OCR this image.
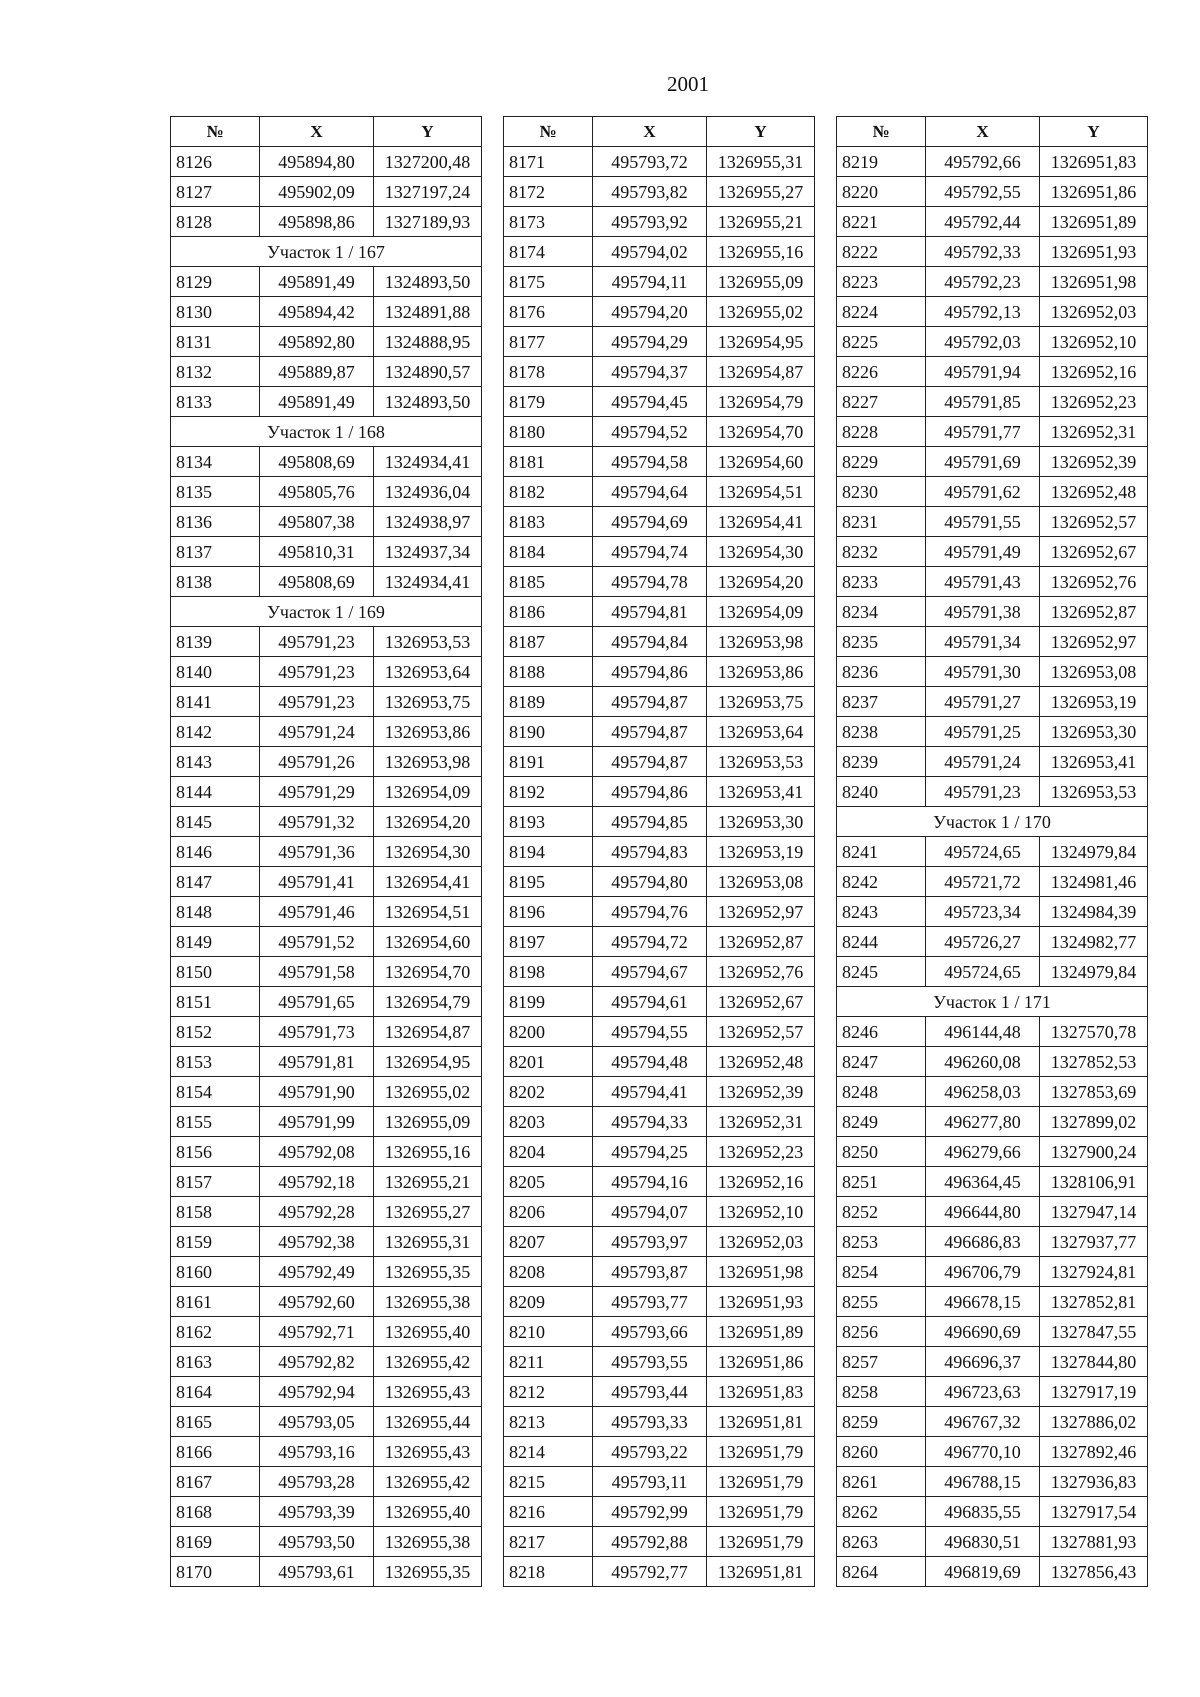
2001
№	X	Y
8126	495894,80	1327200,48
8127	495902,09	1327197,24
8128	495898,86	1327189,93
Участок 1 / 167		
8129	495891,49	1324893,50
8130	495894,42	1324891,88
8131	495892,80	1324888,95
8132	495889,87	1324890,57
8133	495891,49	1324893,50
Участок 1 / 168		
8134	495808,69	1324934,41
8135	495805,76	1324936,04
8136	495807,38	1324938,97
8137	495810,31	1324937,34
8138	495808,69	1324934,41
Участок 1 / 169		
8139	495791,23	1326953,53
8140	495791,23	1326953,64
8141	495791,23	1326953,75
8142	495791,24	1326953,86
8143	495791,26	1326953,98
8144	495791,29	1326954,09
8145	495791,32	1326954,20
8146	495791,36	1326954,30
8147	495791,41	1326954,41
8148	495791,46	1326954,51
8149	495791,52	1326954,60
8150	495791,58	1326954,70
8151	495791,65	1326954,79
8152	495791,73	1326954,87
8153	495791,81	1326954,95
8154	495791,90	1326955,02
8155	495791,99	1326955,09
8156	495792,08	1326955,16
8157	495792,18	1326955,21
8158	495792,28	1326955,27
8159	495792,38	1326955,31
8160	495792,49	1326955,35
8161	495792,60	1326955,38
8162	495792,71	1326955,40
8163	495792,82	1326955,42
8164	495792,94	1326955,43
8165	495793,05	1326955,44
8166	495793,16	1326955,43
8167	495793,28	1326955,42
8168	495793,39	1326955,40
8169	495793,50	1326955,38
8170	495793,61	1326955,35
№	X	Y
8171	495793,72	1326955,31
8172	495793,82	1326955,27
8173	495793,92	1326955,21
8174	495794,02	1326955,16
8175	495794,11	1326955,09
8176	495794,20	1326955,02
8177	495794,29	1326954,95
8178	495794,37	1326954,87
8179	495794,45	1326954,79
8180	495794,52	1326954,70
8181	495794,58	1326954,60
8182	495794,64	1326954,51
8183	495794,69	1326954,41
8184	495794,74	1326954,30
8185	495794,78	1326954,20
8186	495794,81	1326954,09
8187	495794,84	1326953,98
8188	495794,86	1326953,86
8189	495794,87	1326953,75
8190	495794,87	1326953,64
8191	495794,87	1326953,53
8192	495794,86	1326953,41
8193	495794,85	1326953,30
8194	495794,83	1326953,19
8195	495794,80	1326953,08
8196	495794,76	1326952,97
8197	495794,72	1326952,87
8198	495794,67	1326952,76
8199	495794,61	1326952,67
8200	495794,55	1326952,57
8201	495794,48	1326952,48
8202	495794,41	1326952,39
8203	495794,33	1326952,31
8204	495794,25	1326952,23
8205	495794,16	1326952,16
8206	495794,07	1326952,10
8207	495793,97	1326952,03
8208	495793,87	1326951,98
8209	495793,77	1326951,93
8210	495793,66	1326951,89
8211	495793,55	1326951,86
8212	495793,44	1326951,83
8213	495793,33	1326951,81
8214	495793,22	1326951,79
8215	495793,11	1326951,79
8216	495792,99	1326951,79
8217	495792,88	1326951,79
8218	495792,77	1326951,81
№	X	Y
8219	495792,66	1326951,83
8220	495792,55	1326951,86
8221	495792,44	1326951,89
8222	495792,33	1326951,93
8223	495792,23	1326951,98
8224	495792,13	1326952,03
8225	495792,03	1326952,10
8226	495791,94	1326952,16
8227	495791,85	1326952,23
8228	495791,77	1326952,31
8229	495791,69	1326952,39
8230	495791,62	1326952,48
8231	495791,55	1326952,57
8232	495791,49	1326952,67
8233	495791,43	1326952,76
8234	495791,38	1326952,87
8235	495791,34	1326952,97
8236	495791,30	1326953,08
8237	495791,27	1326953,19
8238	495791,25	1326953,30
8239	495791,24	1326953,41
8240	495791,23	1326953,53
Участок 1 / 170		
8241	495724,65	1324979,84
8242	495721,72	1324981,46
8243	495723,34	1324984,39
8244	495726,27	1324982,77
8245	495724,65	1324979,84
Участок 1 / 171		
8246	496144,48	1327570,78
8247	496260,08	1327852,53
8248	496258,03	1327853,69
8249	496277,80	1327899,02
8250	496279,66	1327900,24
8251	496364,45	1328106,91
8252	496644,80	1327947,14
8253	496686,83	1327937,77
8254	496706,79	1327924,81
8255	496678,15	1327852,81
8256	496690,69	1327847,55
8257	496696,37	1327844,80
8258	496723,63	1327917,19
8259	496767,32	1327886,02
8260	496770,10	1327892,46
8261	496788,15	1327936,83
8262	496835,55	1327917,54
8263	496830,51	1327881,93
8264	496819,69	1327856,43
